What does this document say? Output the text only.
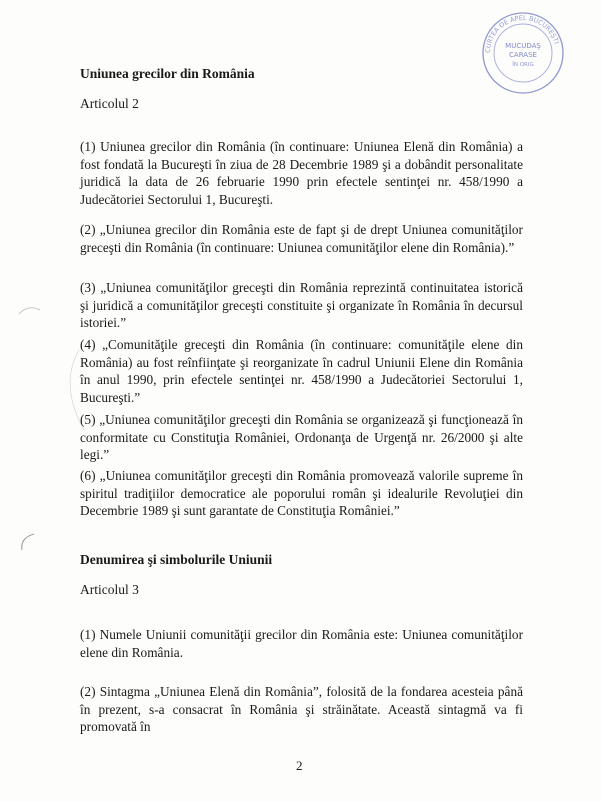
CURTEA DE APEL BUCUREŞTI
MUCUDAŞ
CARASE
ÎN ORIG
Uniunea grecilor din România

Articolul 2

(1) Uniunea grecilor din România (în continuare: Uniunea Elenă din România) a fost fondată la Bucureşti în ziua de 28 Decembrie 1989 şi a dobândit personalitate juridică la data de 26 februarie 1990 prin efectele sentinţei nr. 458/1990 a Judecătoriei Sectorului 1, Bucureşti.

(2) „Uniunea grecilor din România este de fapt şi de drept Uniunea comunităţilor greceşti din România (în continuare: Uniunea comunităţilor elene din România).”

(3) „Uniunea comunităţilor greceşti din România reprezintă continuitatea istorică şi juridică a comunităţilor greceşti constituite şi organizate în România în decursul istoriei.”

(4) „Comunităţile greceşti din România (în continuare: comunităţile elene din România) au fost reînfiinţate şi reorganizate în cadrul Uniunii Elene din România în anul 1990, prin efectele sentinţei nr. 458/1990 a Judecătoriei Sectorului 1, Bucureşti.”

(5) „Uniunea comunităţilor greceşti din România se organizează şi funcţionează în conformitate cu Constituţia României, Ordonanţa de Urgenţă nr. 26/2000 şi alte legi.”

(6) „Uniunea comunităţilor greceşti din România promovează valorile supreme în spiritul tradiţiilor democratice ale poporului român şi idealurile Revoluţiei din Decembrie 1989 şi sunt garantate de Constituţia României.”

Denumirea şi simbolurile Uniunii

Articolul 3

(1) Numele Uniunii comunităţii grecilor din România este: Uniunea comunităţilor elene din România.

(2) Sintagma „Uniunea Elenă din România”, folosită de la fondarea acesteia până în prezent, s-a consacrat în România şi străinătate. Această sintagmă va fi promovată în

2
